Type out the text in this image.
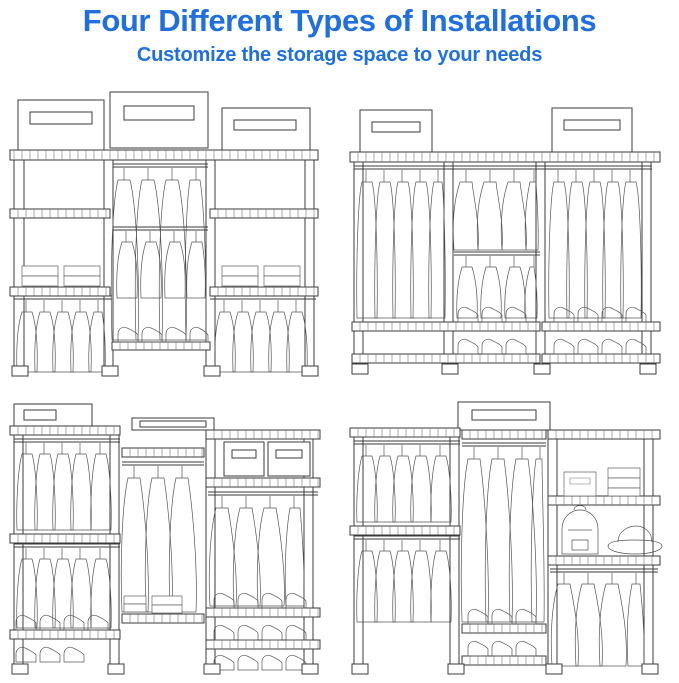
Four Different Types of Installations
Customize the storage space to your needs
